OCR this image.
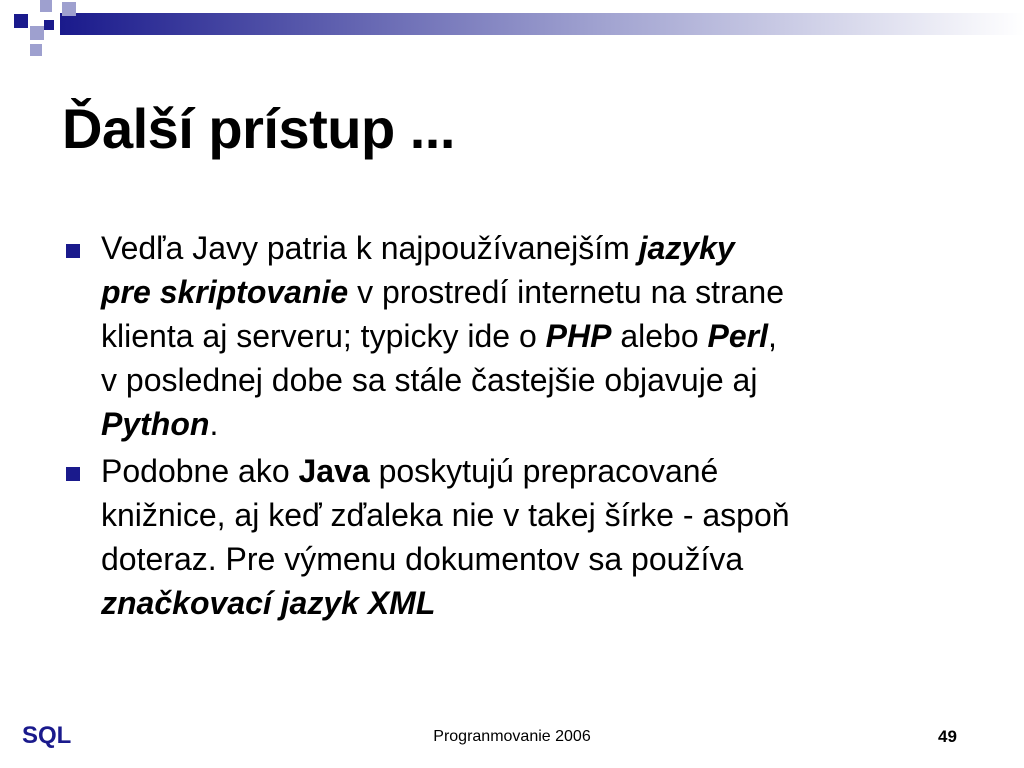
Ďalší prístup ...
Vedľa Javy patria k najpoužívanejším jazyky
pre skriptovanie v prostredí internetu na strane
klienta aj serveru; typicky ide o PHP alebo Perl,
v poslednej dobe sa stále častejšie objavuje aj
Python.
Podobne ako Java poskytujú prepracované
knižnice, aj keď zďaleka nie v takej šírke - aspoň
doteraz. Pre výmenu dokumentov sa používa
značkovací jazyk XML
SQL	Progranmovanie 2006	49
